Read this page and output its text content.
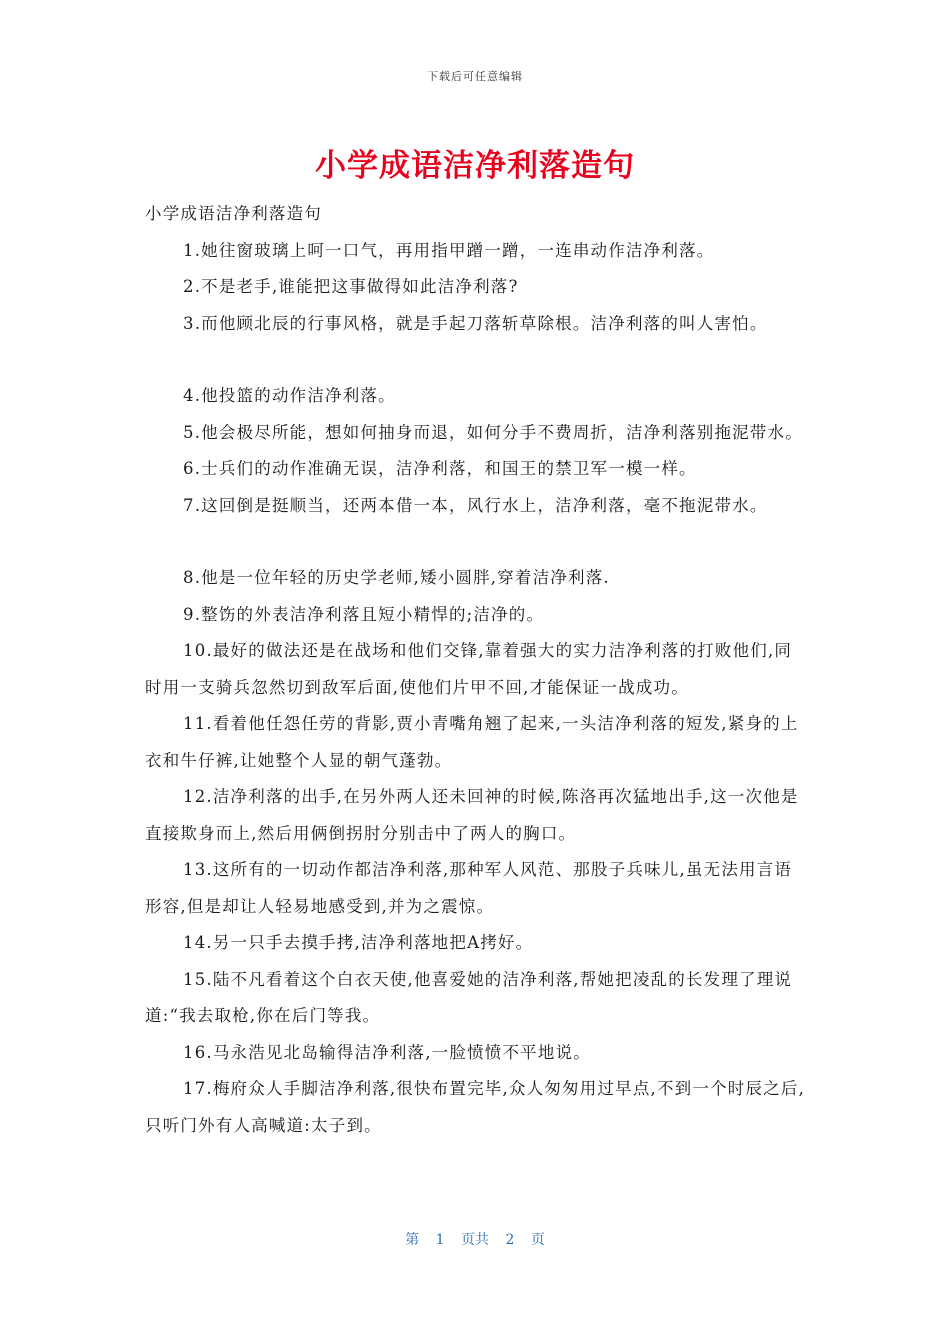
下载后可任意编辑
小学成语洁净利落造句

小学成语洁净利落造句

1.她往窗玻璃上呵一口气，再用指甲蹭一蹭，一连串动作洁净利落。

2.不是老手,谁能把这事做得如此洁净利落?

3.而他顾北辰的行事风格，就是手起刀落斩草除根。洁净利落的叫人害怕。

4.他投篮的动作洁净利落。

5.他会极尽所能，想如何抽身而退，如何分手不费周折，洁净利落别拖泥带水。

6.士兵们的动作准确无误，洁净利落，和国王的禁卫军一模一样。

7.这回倒是挺顺当，还两本借一本，风行水上，洁净利落，毫不拖泥带水。

8.他是一位年轻的历史学老师,矮小圆胖,穿着洁净利落.

9.整饬的外表洁净利落且短小精悍的;洁净的。

10.最好的做法还是在战场和他们交锋,靠着强大的实力洁净利落的打败他们,同时用一支骑兵忽然切到敌军后面,使他们片甲不回,才能保证一战成功。

11.看着他任怨任劳的背影,贾小青嘴角翘了起来,一头洁净利落的短发,紧身的上衣和牛仔裤,让她整个人显的朝气蓬勃。

12.洁净利落的出手,在另外两人还未回神的时候,陈洛再次猛地出手,这一次他是直接欺身而上,然后用俩倒拐肘分别击中了两人的胸口。

13.这所有的一切动作都洁净利落,那种军人风范、那股子兵味儿,虽无法用言语形容,但是却让人轻易地感受到,并为之震惊。

14.另一只手去摸手拷,洁净利落地把A拷好。

15.陆不凡看着这个白衣天使,他喜爱她的洁净利落,帮她把凌乱的长发理了理说道:“我去取枪,你在后门等我。

16.马永浩见北岛输得洁净利落,一脸愤愤不平地说。

17.梅府众人手脚洁净利落,很快布置完毕,众人匆匆用过早点,不到一个时辰之后,只听门外有人高喊道:太子到。

第 1 页共 2 页
